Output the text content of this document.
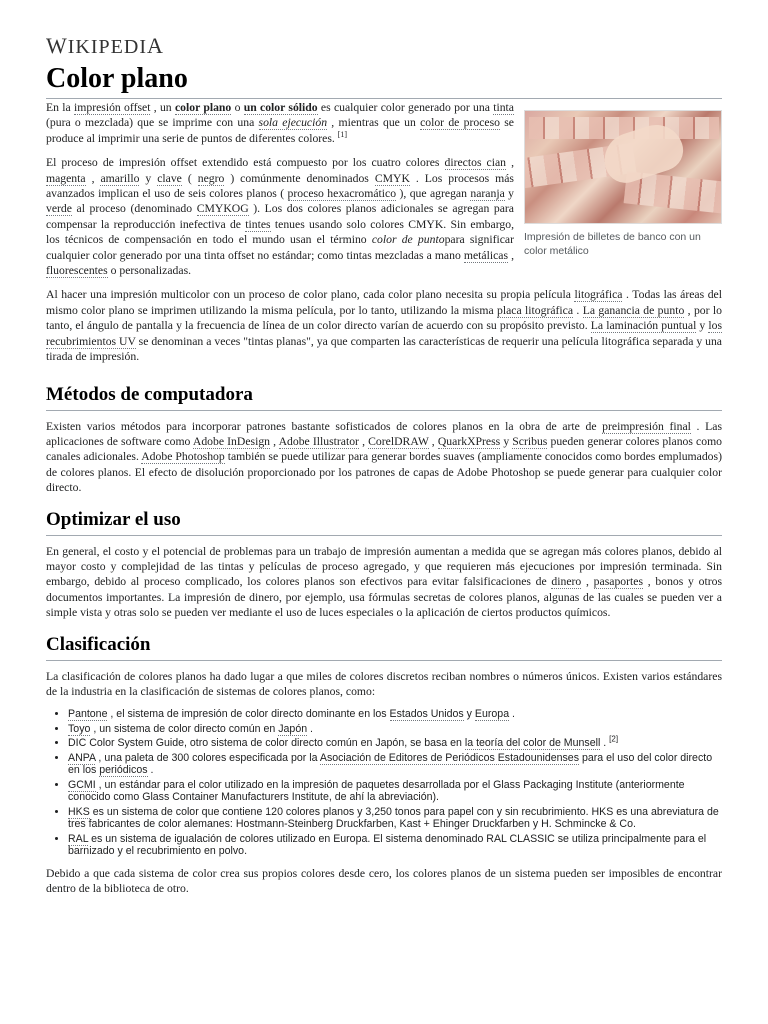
WIKIPEDIA
Color plano
Impresión de billetes de banco con un color metálico

En la impresión offset , un color plano o un color sólido es cualquier color generado por una tinta (pura o mezclada) que se imprime con una sola ejecución , mientras que un color de proceso se produce al imprimir una serie de puntos de diferentes colores. [1]

El proceso de impresión offset extendido está compuesto por los cuatro colores directos cian , magenta , amarillo y clave ( negro ) comúnmente denominados CMYK . Los procesos más avanzados implican el uso de seis colores planos ( proceso hexacromático ), que agregan naranja y verde al proceso (denominado CMYKOG ). Los dos colores planos adicionales se agregan para compensar la reproducción inefectiva de tintes tenues usando solo colores CMYK. Sin embargo, los técnicos de compensación en todo el mundo usan el término color de puntopara significar cualquier color generado por una tinta offset no estándar; como tintas mezcladas a mano metálicas , fluorescentes o personalizadas.

Al hacer una impresión multicolor con un proceso de color plano, cada color plano necesita su propia película litográfica . Todas las áreas del mismo color plano se imprimen utilizando la misma película, por lo tanto, utilizando la misma placa litográfica . La ganancia de punto , por lo tanto, el ángulo de pantalla y la frecuencia de línea de un color directo varían de acuerdo con su propósito previsto. La laminación puntual y los recubrimientos UV se denominan a veces "tintas planas", ya que comparten las características de requerir una película litográfica separada y una tirada de impresión.

Métodos de computadora

Existen varios métodos para incorporar patrones bastante sofisticados de colores planos en la obra de arte de preimpresión final . Las aplicaciones de software como Adobe InDesign , Adobe Illustrator , CorelDRAW , QuarkXPress y Scribus pueden generar colores planos como canales adicionales. Adobe Photoshop también se puede utilizar para generar bordes suaves (ampliamente conocidos como bordes emplumados) de colores planos. El efecto de disolución proporcionado por los patrones de capas de Adobe Photoshop se puede generar para cualquier color directo.

Optimizar el uso

En general, el costo y el potencial de problemas para un trabajo de impresión aumentan a medida que se agregan más colores planos, debido al mayor costo y complejidad de las tintas y películas de proceso agregado, y que requieren más ejecuciones por impresión terminada. Sin embargo, debido al proceso complicado, los colores planos son efectivos para evitar falsificaciones de dinero , pasaportes , bonos y otros documentos importantes. La impresión de dinero, por ejemplo, usa fórmulas secretas de colores planos, algunas de las cuales se pueden ver a simple vista y otras solo se pueden ver mediante el uso de luces especiales o la aplicación de ciertos productos químicos.

Clasificación

La clasificación de colores planos ha dado lugar a que miles de colores discretos reciban nombres o números únicos. Existen varios estándares de la industria en la clasificación de sistemas de colores planos, como:

• Pantone , el sistema de impresión de color directo dominante en los Estados Unidos y Europa .
• Toyo , un sistema de color directo común en Japón .
• DIC Color System Guide, otro sistema de color directo común en Japón, se basa en la teoría del color de Munsell . [2]
• ANPA , una paleta de 300 colores especificada por la Asociación de Editores de Periódicos Estadounidenses para el uso del color directo en los periódicos .
• GCMI , un estándar para el color utilizado en la impresión de paquetes desarrollada por el Glass Packaging Institute (anteriormente conocido como Glass Container Manufacturers Institute, de ahí la abreviación).
• HKS es un sistema de color que contiene 120 colores planos y 3,250 tonos para papel con y sin recubrimiento. HKS es una abreviatura de tres fabricantes de color alemanes: Hostmann-Steinberg Druckfarben, Kast + Ehinger Druckfarben y H. Schmincke & Co.
• RAL es un sistema de igualación de colores utilizado en Europa. El sistema denominado RAL CLASSIC se utiliza principalmente para el barnizado y el recubrimiento en polvo.

Debido a que cada sistema de color crea sus propios colores desde cero, los colores planos de un sistema pueden ser imposibles de encontrar dentro de la biblioteca de otro.
